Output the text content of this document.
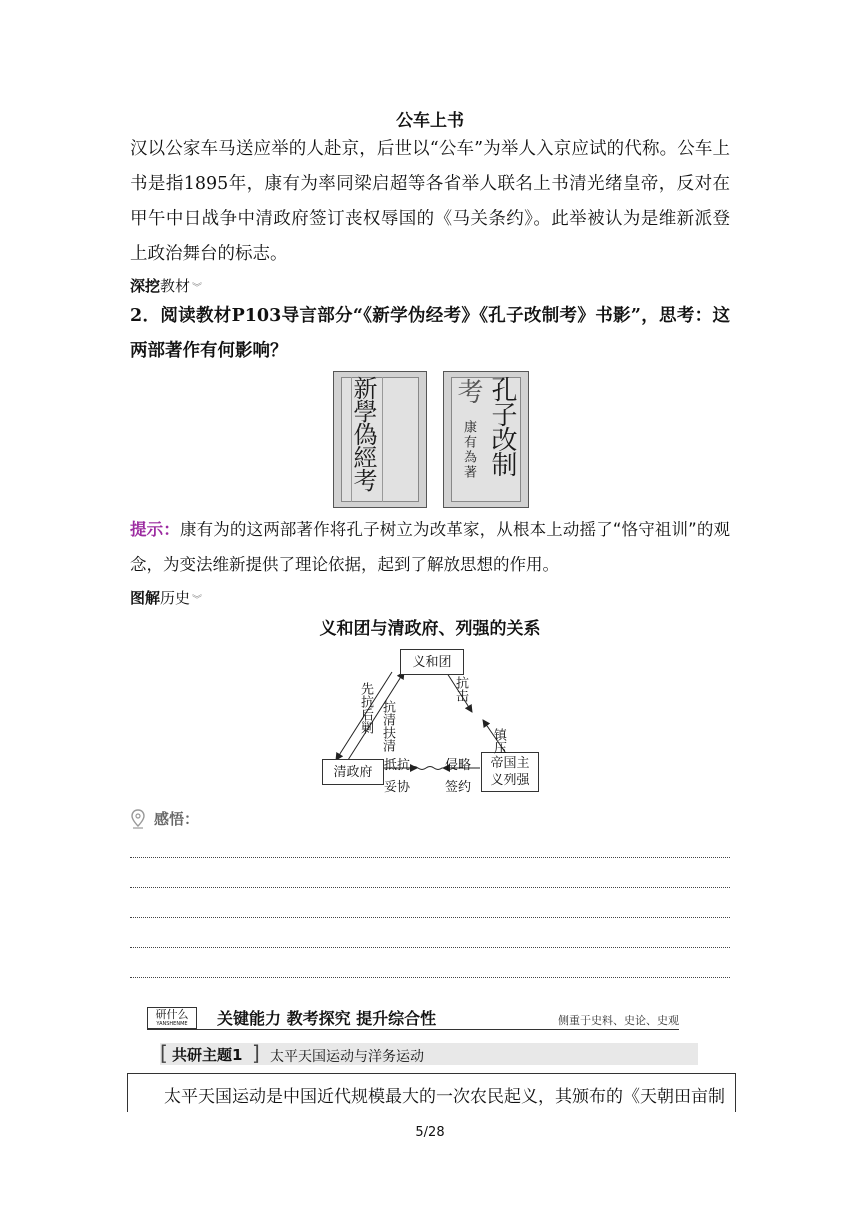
公车上书
汉以公家车马送应举的人赴京，后世以“公车”为举人入京应试的代称。公车上书是指1895年，康有为率同梁启超等各省举人联名上书清光绪皇帝，反对在甲午中日战争中清政府签订丧权辱国的《马关条约》。此举被认为是维新派登上政治舞台的标志。
深挖教材 ︾
2．阅读教材P103导言部分“《新学伪经考》《孔子改制考》书影”，思考：这两部著作有何影响？
新學偽經考	孔子改制
考
康有為著
提示：康有为的这两部著作将孔子树立为改革家，从根本上动摇了“恪守祖训”的观念，为变法维新提供了理论依据，起到了解放思想的作用。
图解历史 ︾
义和团与清政府、列强的关系
义和团
清政府
帝国主义列强
先抗后剿 抗清扶清
抗击
镇压
抵抗
妥协
侵略
签约
感悟：
研什么
YANSHENME	关键能力 教考探究 提升综合性	侧重于史料、史论、史观
[ 共研主题1 ] 太平天国运动与洋务运动
太平天国运动是中国近代规模最大的一次农民起义，其颁布的《天朝田亩制
5/28
